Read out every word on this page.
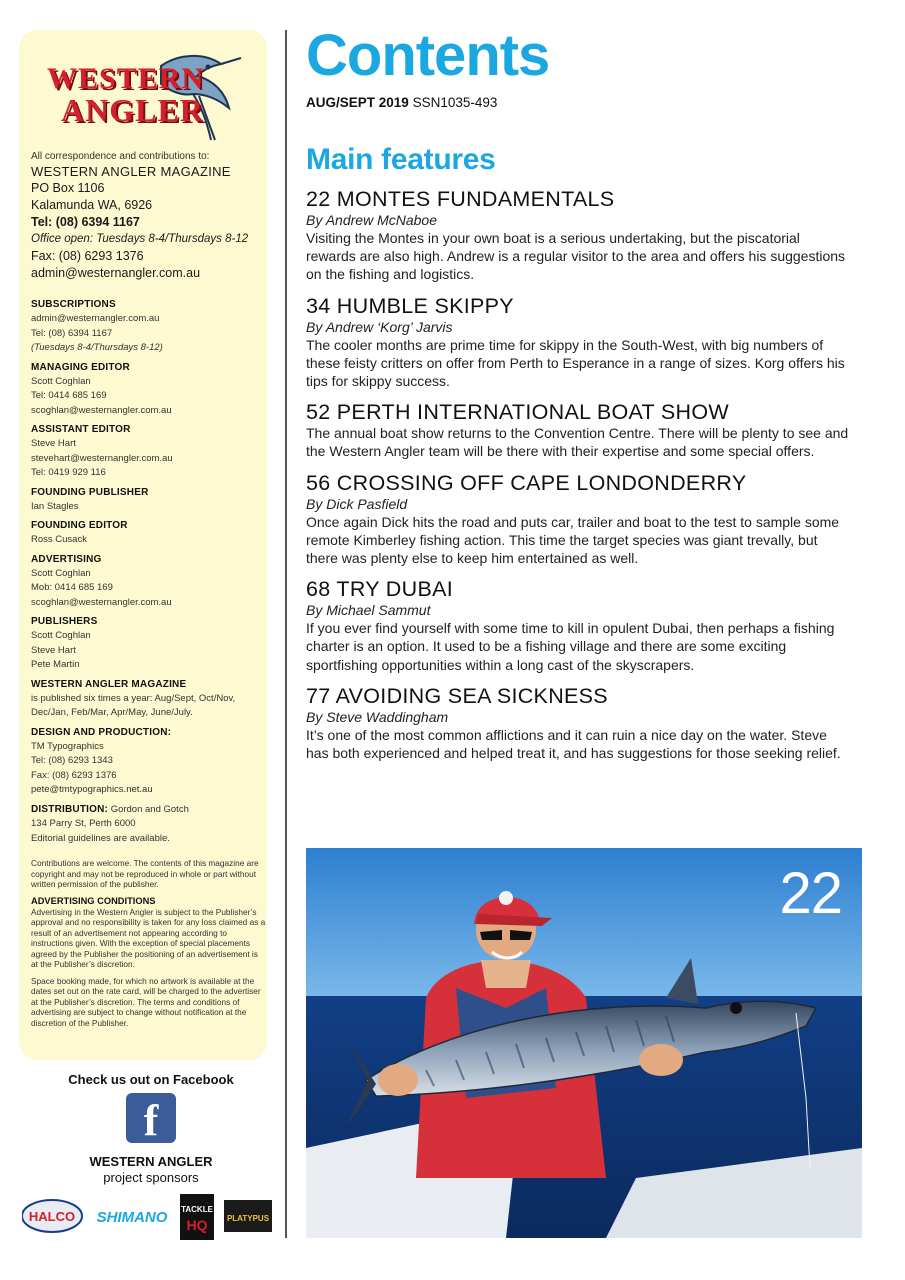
WESTERN
ANGLER
All correspondence and contributions to:
WESTERN ANGLER MAGAZINE
PO Box 1106
Kalamunda WA, 6926
Tel: (08) 6394 1167
Office open: Tuesdays 8-4/Thursdays 8-12
Fax: (08) 6293 1376
admin@westernangler.com.au
SUBSCRIPTIONS
admin@westernangler.com.au
Tel: (08) 6394 1167
(Tuesdays 8-4/Thursdays 8-12)
MANAGING EDITOR
Scott Coghlan
Tel: 0414 685 169
scoghlan@westernangler.com.au
ASSISTANT EDITOR
Steve Hart
stevehart@westernangler.com.au
Tel: 0419 929 116
FOUNDING PUBLISHER
Ian Stagles
FOUNDING EDITOR
Ross Cusack
ADVERTISING
Scott Coghlan
Mob: 0414 685 169
scoghlan@westernangler.com.au
PUBLISHERS
Scott Coghlan
Steve Hart
Pete Martin
WESTERN ANGLER MAGAZINE
is published six times a year: Aug/Sept, Oct/Nov,
Dec/Jan, Feb/Mar, Apr/May, June/July.
DESIGN AND PRODUCTION:
TM Typographics
Tel: (08) 6293 1343
Fax: (08) 6293 1376
pete@tmtypographics.net.au
DISTRIBUTION: Gordon and Gotch
134 Parry St, Perth 6000
Editorial guidelines are available.

Contributions are welcome. The contents of this magazine are copyright and may not be reproduced in whole or part without written permission of the publisher.

ADVERTISING CONDITIONS

Advertising in the Western Angler is subject to the Publisher’s approval and no responsibility is taken for any loss claimed as a result of an advertisement not appearing according to instructions given. With the exception of special placements agreed by the Publisher the positioning of an advertisement is at the Publisher’s discretion.

Space booking made, for which no artwork is available at the dates set out on the rate card, will be charged to the advertiser at the Publisher’s discretion. The terms and conditions of advertising are subject to change without notification at the discretion of the Publisher.

Check us out on Facebook
f
WESTERN ANGLER
project sponsors
HALCO SHIMANO TACKLE
HQ PLATYPUS
Contents
AUG/SEPT 2019 SSN1035-493
Main features
22 MONTES FUNDAMENTALS
By Andrew McNaboe
Visiting the Montes in your own boat is a serious undertaking, but the piscatorial rewards are also high. Andrew is a regular visitor to the area and offers his suggestions on the fishing and logistics.
34 HUMBLE SKIPPY
By Andrew ‘Korg’ Jarvis
The cooler months are prime time for skippy in the South-West, with big numbers of these feisty critters on offer from Perth to Esperance in a range of sizes. Korg offers his tips for skippy success.
52 PERTH INTERNATIONAL BOAT SHOW
The annual boat show returns to the Convention Centre. There will be plenty to see and the Western Angler team will be there with their expertise and some special offers.
56 CROSSING OFF CAPE LONDONDERRY
By Dick Pasfield
Once again Dick hits the road and puts car, trailer and boat to the test to sample some remote Kimberley fishing action. This time the target species was giant trevally, but there was plenty else to keep him entertained as well.
68 TRY DUBAI
By Michael Sammut
If you ever find yourself with some time to kill in opulent Dubai, then perhaps a fishing charter is an option. It used to be a fishing village and there are some exciting sportfishing opportunities within a long cast of the skyscrapers.
77 AVOIDING SEA SICKNESS
By Steve Waddingham
It’s one of the most common afflictions and it can ruin a nice day on the water. Steve has both experienced and helped treat it, and has suggestions for those seeking relief.
22
